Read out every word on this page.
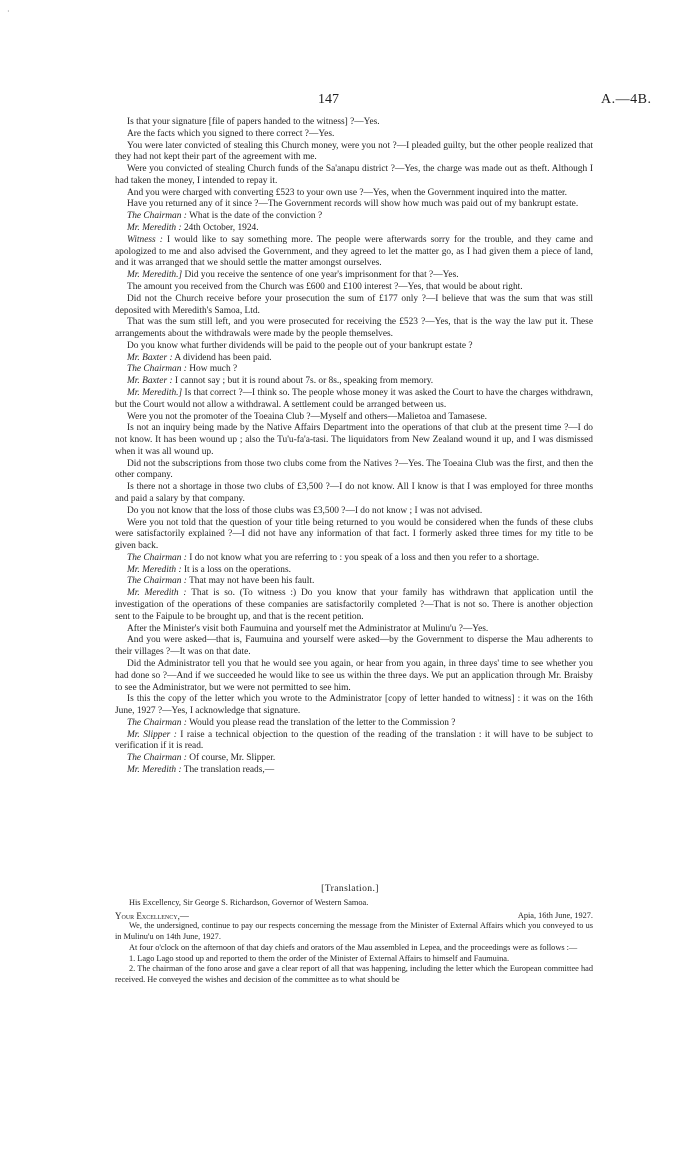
·
147	A.—4B.

Is that your signature [file of papers handed to the witness] ?—Yes.

Are the facts which you signed to there correct ?—Yes.

You were later convicted of stealing this Church money, were you not ?—I pleaded guilty, but the other people realized that they had not kept their part of the agreement with me.

Were you convicted of stealing Church funds of the Sa'anapu district ?—Yes, the charge was made out as theft. Although I had taken the money, I intended to repay it.

And you were charged with converting £523 to your own use ?—Yes, when the Government inquired into the matter.

Have you returned any of it since ?—The Government records will show how much was paid out of my bankrupt estate.

The Chairman : What is the date of the conviction ?

Mr. Meredith : 24th October, 1924.

Witness : I would like to say something more. The people were afterwards sorry for the trouble, and they came and apologized to me and also advised the Government, and they agreed to let the matter go, as I had given them a piece of land, and it was arranged that we should settle the matter amongst ourselves.

Mr. Meredith.] Did you receive the sentence of one year's imprisonment for that ?—Yes.

The amount you received from the Church was £600 and £100 interest ?—Yes, that would be about right.

Did not the Church receive before your prosecution the sum of £177 only ?—I believe that was the sum that was still deposited with Meredith's Samoa, Ltd.

That was the sum still left, and you were prosecuted for receiving the £523 ?—Yes, that is the way the law put it. These arrangements about the withdrawals were made by the people themselves.

Do you know what further dividends will be paid to the people out of your bankrupt estate ?

Mr. Baxter : A dividend has been paid.

The Chairman : How much ?

Mr. Baxter : I cannot say ; but it is round about 7s. or 8s., speaking from memory.

Mr. Meredith.] Is that correct ?—I think so. The people whose money it was asked the Court to have the charges withdrawn, but the Court would not allow a withdrawal. A settlement could be arranged between us.

Were you not the promoter of the Toeaina Club ?—Myself and others—Malietoa and Tamasese.

Is not an inquiry being made by the Native Affairs Department into the operations of that club at the present time ?—I do not know. It has been wound up ; also the Tu'u-fa'a-tasi. The liquidators from New Zealand wound it up, and I was dismissed when it was all wound up.

Did not the subscriptions from those two clubs come from the Natives ?—Yes. The Toeaina Club was the first, and then the other company.

Is there not a shortage in those two clubs of £3,500 ?—I do not know. All I know is that I was employed for three months and paid a salary by that company.

Do you not know that the loss of those clubs was £3,500 ?—I do not know ; I was not advised.

Were you not told that the question of your title being returned to you would be considered when the funds of these clubs were satisfactorily explained ?—I did not have any information of that fact. I formerly asked three times for my title to be given back.

The Chairman : I do not know what you are referring to : you speak of a loss and then you refer to a shortage.

Mr. Meredith : It is a loss on the operations.

The Chairman : That may not have been his fault.

Mr. Meredith : That is so. (To witness :) Do you know that your family has withdrawn that application until the investigation of the operations of these companies are satisfactorily completed ?—That is not so. There is another objection sent to the Faipule to be brought up, and that is the recent petition.

After the Minister's visit both Faumuina and yourself met the Administrator at Mulinu'u ?—Yes.

And you were asked—that is, Faumuina and yourself were asked—by the Government to disperse the Mau adherents to their villages ?—It was on that date.

Did the Administrator tell you that he would see you again, or hear from you again, in three days' time to see whether you had done so ?—And if we succeeded he would like to see us within the three days. We put an application through Mr. Braisby to see the Administrator, but we were not permitted to see him.

Is this the copy of the letter which you wrote to the Administrator [copy of letter handed to witness] : it was on the 16th June, 1927 ?—Yes, I acknowledge that signature.

The Chairman : Would you please read the translation of the letter to the Commission ?

Mr. Slipper : I raise a technical objection to the question of the reading of the translation : it will have to be subject to verification if it is read.

The Chairman : Of course, Mr. Slipper.

Mr. Meredith : The translation reads,—

[Translation.]

His Excellency, Sir George S. Richardson, Governor of Western Samoa.

Your Excellency,—	Apia, 16th June, 1927.

We, the undersigned, continue to pay our respects concerning the message from the Minister of External Affairs which you conveyed to us in Mulinu'u on 14th June, 1927.

At four o'clock on the afternoon of that day chiefs and orators of the Mau assembled in Lepea, and the proceedings were as follows :—

1. Lago Lago stood up and reported to them the order of the Minister of External Affairs to himself and Faumuina.

2. The chairman of the fono arose and gave a clear report of all that was happening, including the letter which the European committee had received. He conveyed the wishes and decision of the committee as to what should be
